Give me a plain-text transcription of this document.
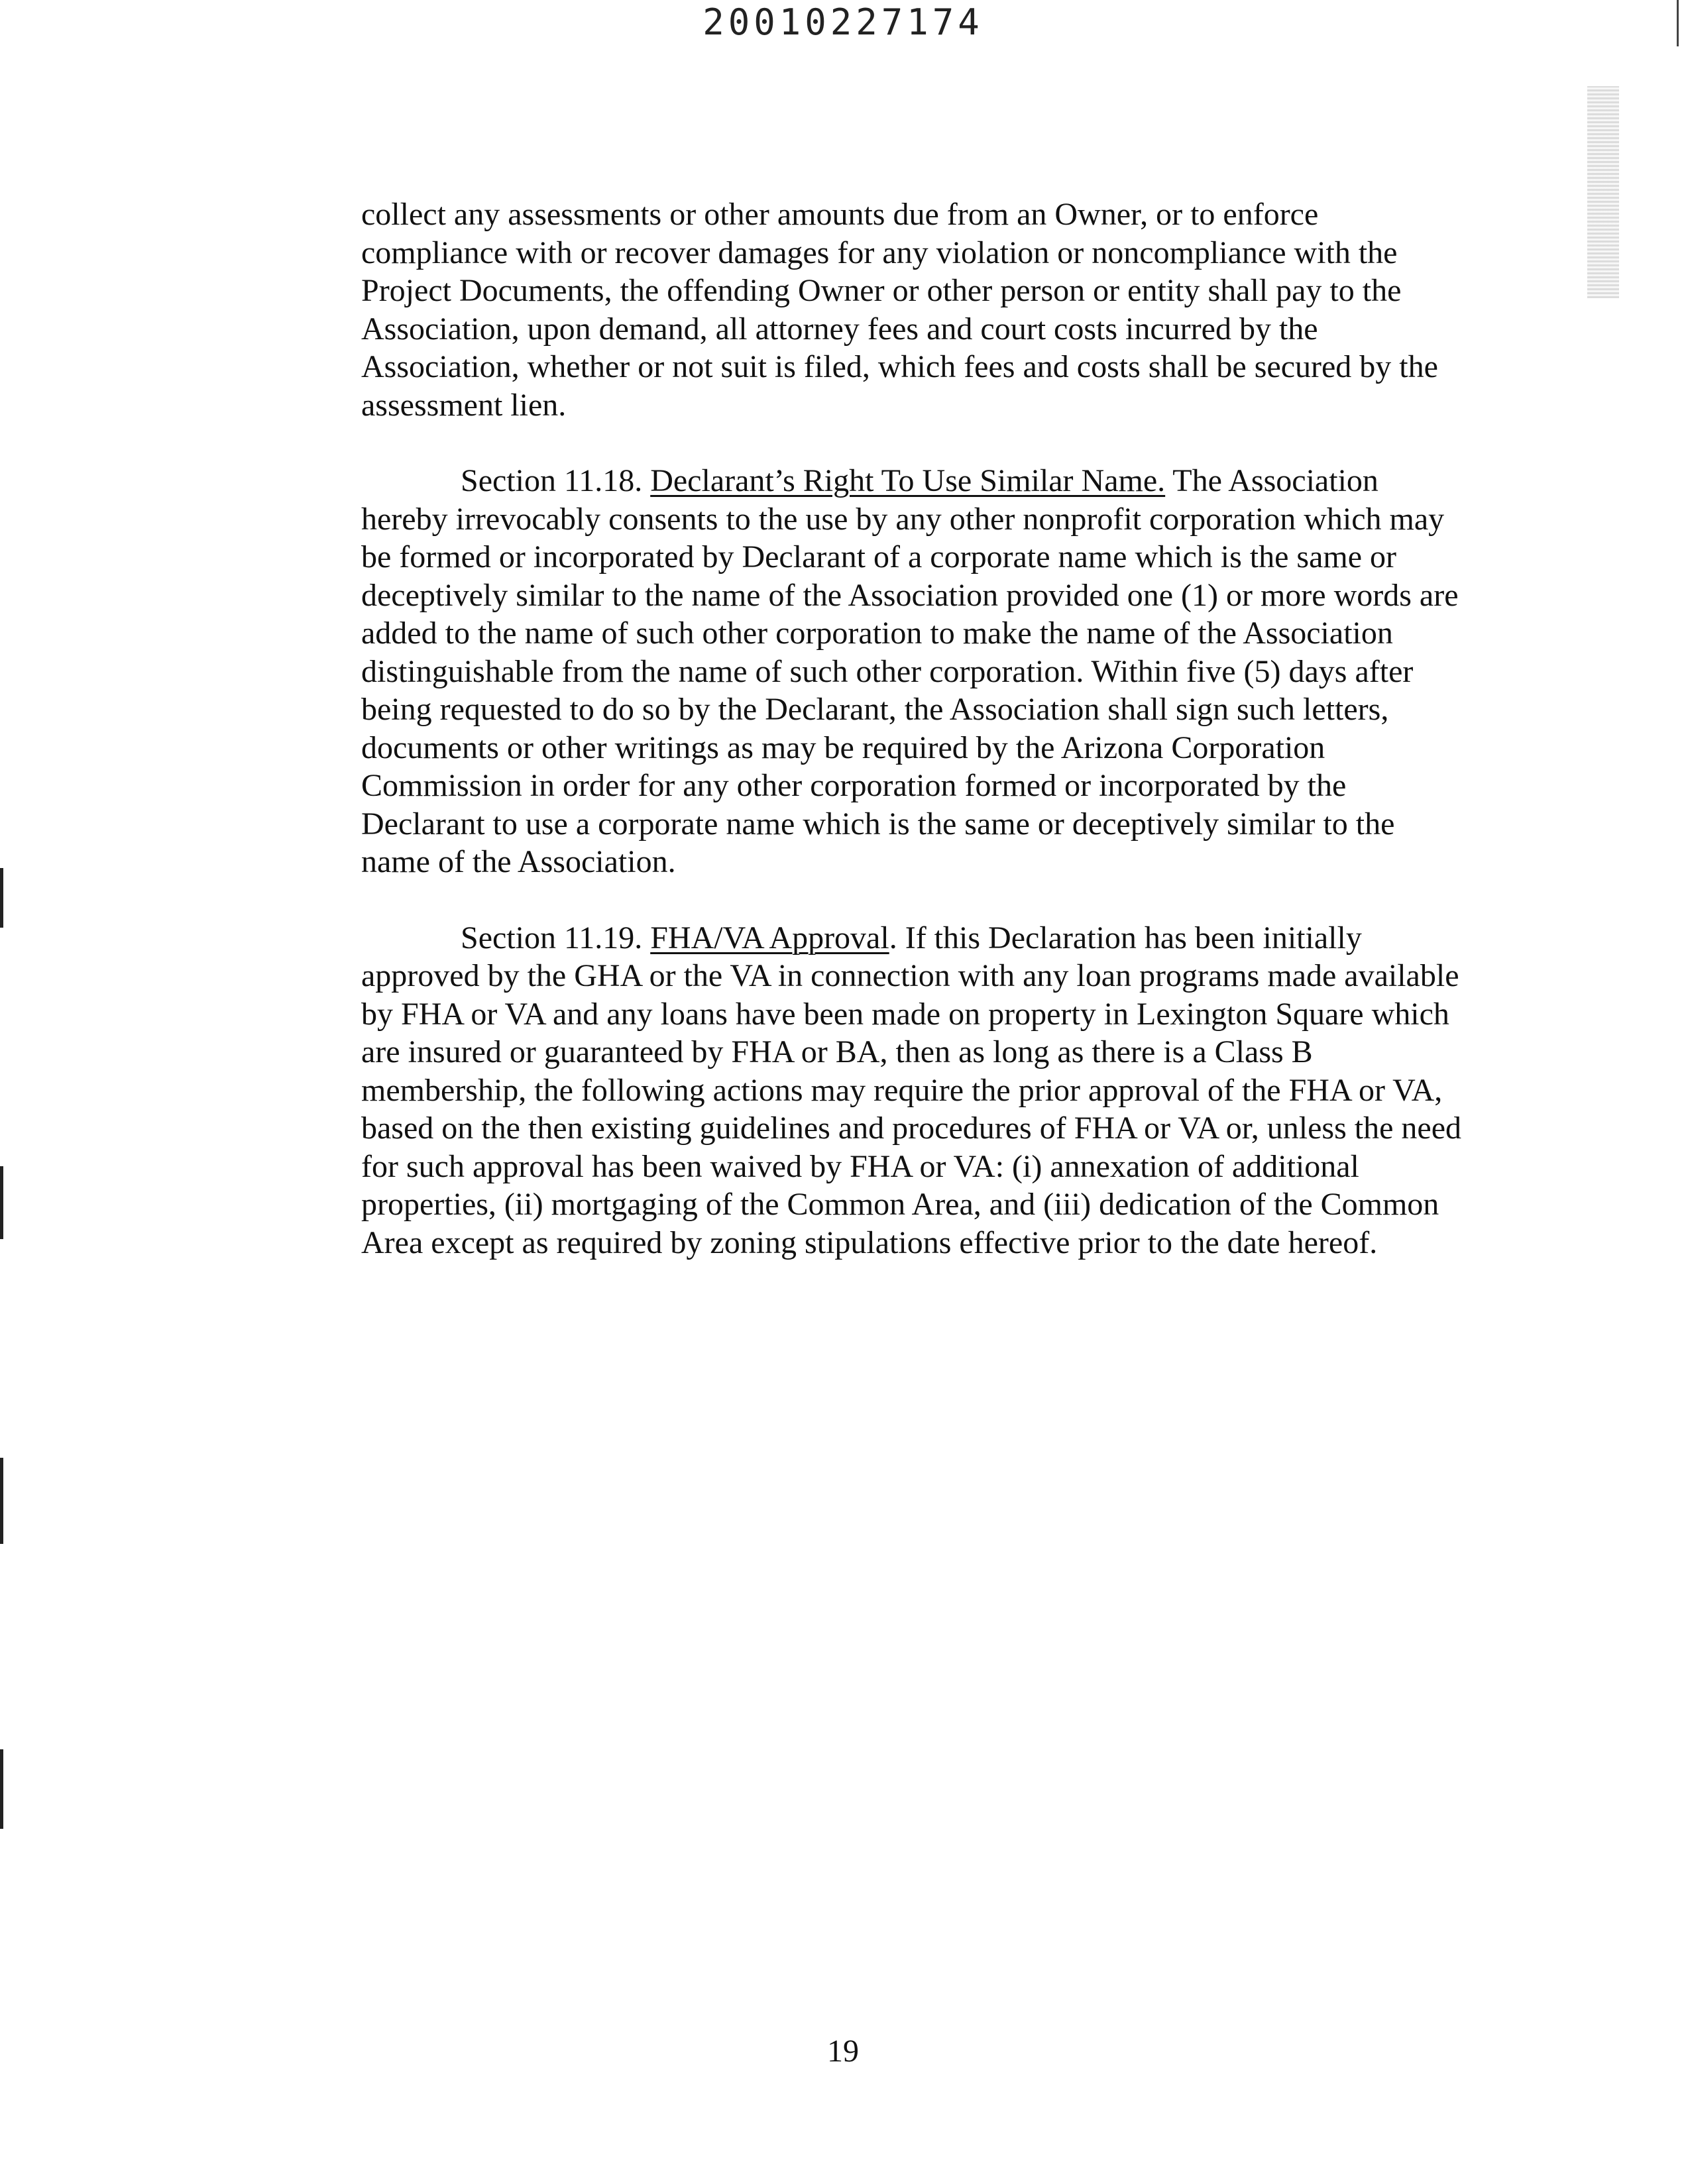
20010227174

collect any assessments or other amounts due from an Owner, or to enforce compliance with or recover damages for any violation or noncompliance with the Project Documents, the offending Owner or other person or entity shall pay to the Association, upon demand, all attorney fees and court costs incurred by the Association, whether or not suit is filed, which fees and costs shall be secured by the assessment lien.

Section 11.18. Declarant’s Right To Use Similar Name. The Association hereby irrevocably consents to the use by any other nonprofit corporation which may be formed or incorporated by Declarant of a corporate name which is the same or deceptively similar to the name of the Association provided one (1) or more words are added to the name of such other corporation to make the name of the Association distinguishable from the name of such other corporation. Within five (5) days after being requested to do so by the Declarant, the Association shall sign such letters, documents or other writings as may be required by the Arizona Corporation Commission in order for any other corporation formed or incorporated by the Declarant to use a corporate name which is the same or deceptively similar to the name of the Association.

Section 11.19. FHA/VA Approval. If this Declaration has been initially approved by the GHA or the VA in connection with any loan programs made available by FHA or VA and any loans have been made on property in Lexington Square which are insured or guaranteed by FHA or BA, then as long as there is a Class B membership, the following actions may require the prior approval of the FHA or VA, based on the then existing guidelines and procedures of FHA or VA or, unless the need for such approval has been waived by FHA or VA: (i) annexation of additional properties, (ii) mortgaging of the Common Area, and (iii) dedication of the Common Area except as required by zoning stipulations effective prior to the date hereof.

19
